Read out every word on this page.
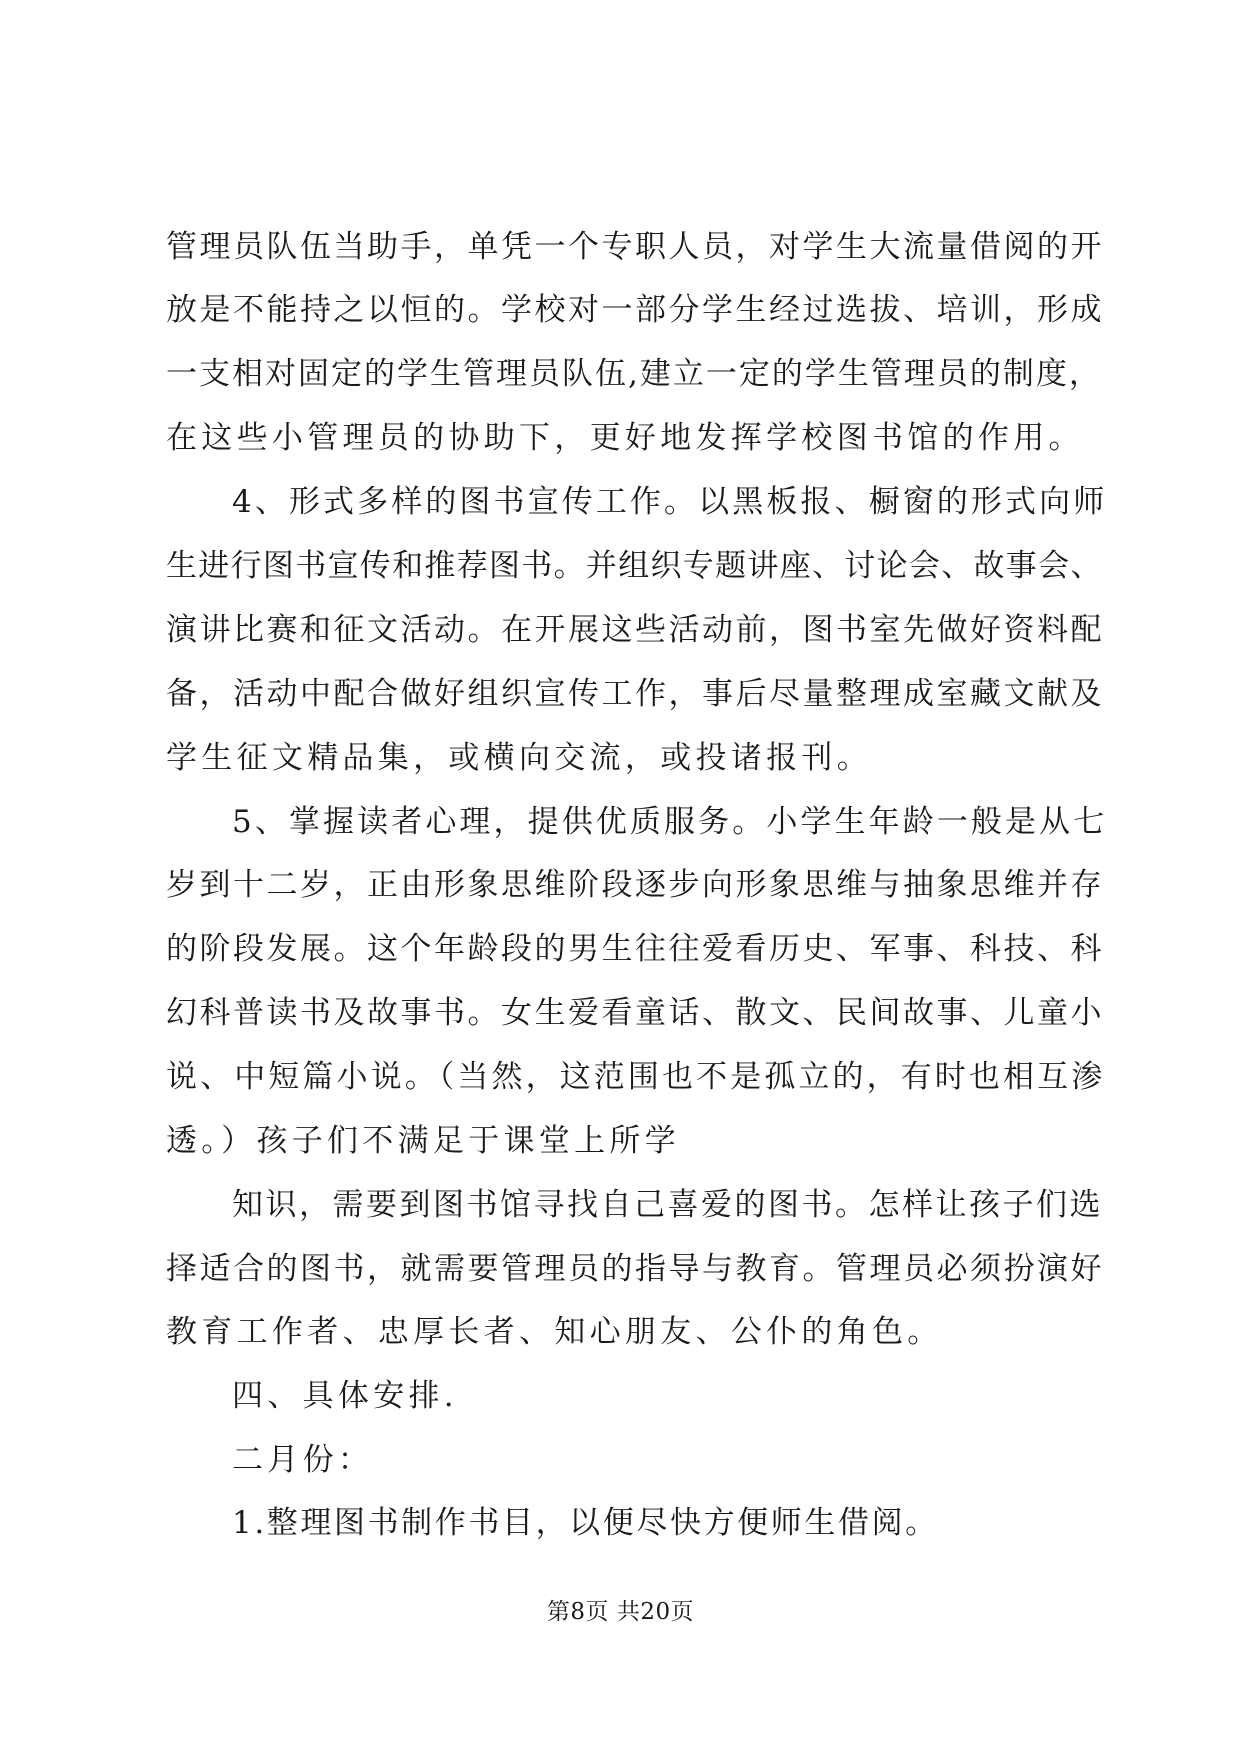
管理员队伍当助手，单凭一个专职人员，对学生大流量借阅的开
放是不能持之以恒的。学校对一部分学生经过选拔、培训，形成
一支相对固定的学生管理员队伍,建立一定的学生管理员的制度，
在这些小管理员的协助下，更好地发挥学校图书馆的作用。
4、形式多样的图书宣传工作。以黑板报、橱窗的形式向师
生进行图书宣传和推荐图书。并组织专题讲座、讨论会、故事会、
演讲比赛和征文活动。在开展这些活动前，图书室先做好资料配
备，活动中配合做好组织宣传工作，事后尽量整理成室藏文献及
学生征文精品集，或横向交流，或投诸报刊。
5、掌握读者心理，提供优质服务。小学生年龄一般是从七
岁到十二岁，正由形象思维阶段逐步向形象思维与抽象思维并存
的阶段发展。这个年龄段的男生往往爱看历史、军事、科技、科
幻科普读书及故事书。女生爱看童话、散文、民间故事、儿童小
说、中短篇小说。（当然，这范围也不是孤立的，有时也相互渗
透。）孩子们不满足于课堂上所学
知识，需要到图书馆寻找自己喜爱的图书。怎样让孩子们选
择适合的图书，就需要管理员的指导与教育。管理员必须扮演好
教育工作者、忠厚长者、知心朋友、公仆的角色。
四、具体安排.
二月份：
1.整理图书制作书目，以便尽快方便师生借阅。
第8页 共20页
